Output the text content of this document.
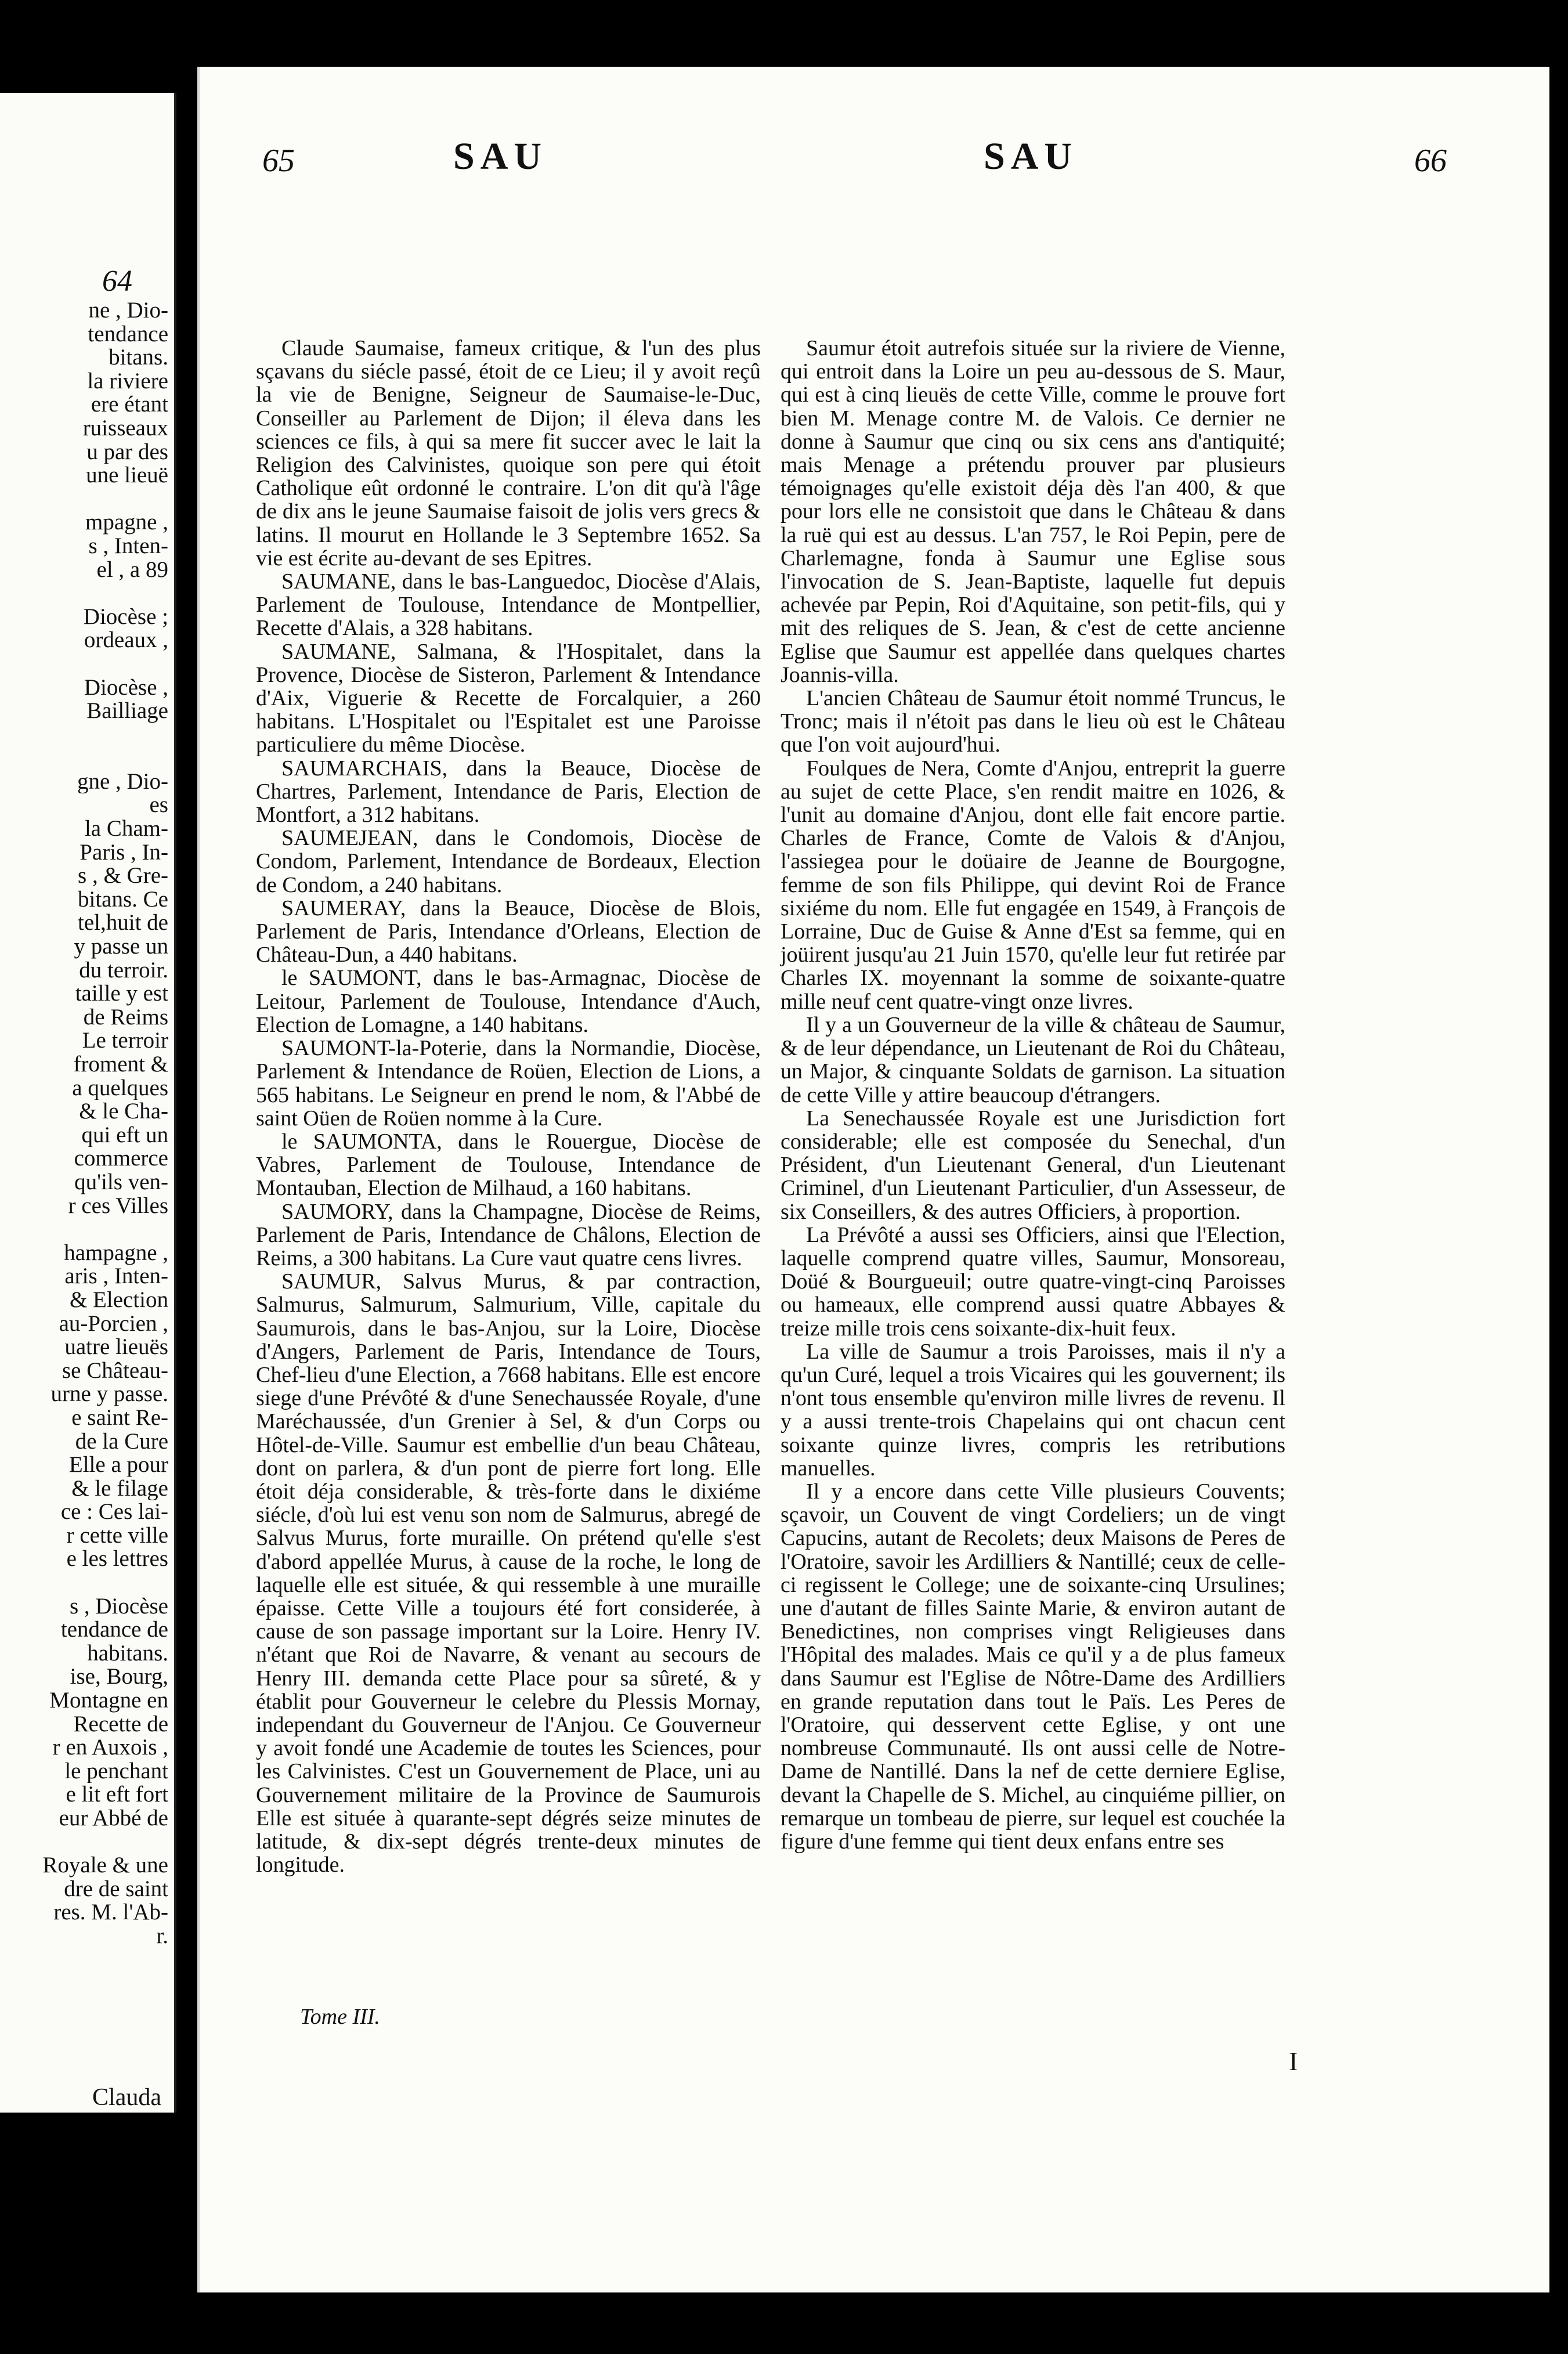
64
ne , Dio-
tendance
bitans.
la riviere
ere étant
ruisseaux
u par des
une lieuë
mpagne ,
s , Inten-
el , a 89
Diocèse ;
ordeaux ,
Diocèse ,
Bailliage
gne , Dio-
es
la Cham-
Paris , In-
s , & Gre-
bitans. Ce
tel,huit de
y passe un
du terroir.
taille y est
de Reims
Le terroir
froment &
a quelques
& le Cha-
qui eft un
commerce
qu'ils ven-
r ces Villes
hampagne ,
aris , Inten-
& Election
au-Porcien ,
uatre lieuës
se Château-
urne y passe.
e saint Re-
de la Cure
Elle a pour
& le filage
ce : Ces lai-
r cette ville
e les lettres
s , Diocèse
tendance de
habitans.
ise, Bourg,
Montagne en
Recette de
r en Auxois ,
le penchant
e lit eft fort
eur Abbé de
Royale & une
dre de saint
res. M. l'Ab-
r.
Clauda
65	SAU	SAU	66

Claude Saumaise, fameux critique, & l'un des plus sçavans du siécle passé, étoit de ce Lieu; il y avoit reçû la vie de Benigne, Seigneur de Saumaise-le-Duc, Conseiller au Parlement de Dijon; il éleva dans les sciences ce fils, à qui sa mere fit succer avec le lait la Religion des Calvinistes, quoique son pere qui étoit Catholique eût ordonné le contraire. L'on dit qu'à l'âge de dix ans le jeune Saumaise faisoit de jolis vers grecs & latins. Il mourut en Hollande le 3 Septembre 1652. Sa vie est écrite au-devant de ses Epitres.

SAUMANE, dans le bas-Languedoc, Diocèse d'Alais, Parlement de Toulouse, Intendance de Montpellier, Recette d'Alais, a 328 habitans.

SAUMANE, Salmana, & l'Hospitalet, dans la Provence, Diocèse de Sisteron, Parlement & Intendance d'Aix, Viguerie & Recette de Forcalquier, a 260 habitans. L'Hospitalet ou l'Espitalet est une Paroisse particuliere du même Diocèse.

SAUMARCHAIS, dans la Beauce, Diocèse de Chartres, Parlement, Intendance de Paris, Election de Montfort, a 312 habitans.

SAUMEJEAN, dans le Condomois, Diocèse de Condom, Parlement, Intendance de Bordeaux, Election de Condom, a 240 habitans.

SAUMERAY, dans la Beauce, Diocèse de Blois, Parlement de Paris, Intendance d'Orleans, Election de Château-Dun, a 440 habitans.

le SAUMONT, dans le bas-Armagnac, Diocèse de Leitour, Parlement de Toulouse, Intendance d'Auch, Election de Lomagne, a 140 habitans.

SAUMONT-la-Poterie, dans la Normandie, Diocèse, Parlement & Intendance de Roüen, Election de Lions, a 565 habitans. Le Seigneur en prend le nom, & l'Abbé de saint Oüen de Roüen nomme à la Cure.

le SAUMONTA, dans le Rouergue, Diocèse de Vabres, Parlement de Toulouse, Intendance de Montauban, Election de Milhaud, a 160 habitans.

SAUMORY, dans la Champagne, Diocèse de Reims, Parlement de Paris, Intendance de Châlons, Election de Reims, a 300 habitans. La Cure vaut quatre cens livres.

SAUMUR, Salvus Murus, & par contraction, Salmurus, Salmurum, Salmurium, Ville, capitale du Saumurois, dans le bas-Anjou, sur la Loire, Diocèse d'Angers, Parlement de Paris, Intendance de Tours, Chef-lieu d'une Election, a 7668 habitans. Elle est encore siege d'une Prévôté & d'une Senechaussée Royale, d'une Maréchaussée, d'un Grenier à Sel, & d'un Corps ou Hôtel-de-Ville. Saumur est embellie d'un beau Château, dont on parlera, & d'un pont de pierre fort long. Elle étoit déja considerable, & très-forte dans le dixiéme siécle, d'où lui est venu son nom de Salmurus, abregé de Salvus Murus, forte muraille. On prétend qu'elle s'est d'abord appellée Murus, à cause de la roche, le long de laquelle elle est située, & qui ressemble à une muraille épaisse. Cette Ville a toujours été fort considerée, à cause de son passage important sur la Loire. Henry IV. n'étant que Roi de Navarre, & venant au secours de Henry III. demanda cette Place pour sa sûreté, & y établit pour Gouverneur le celebre du Plessis Mornay, independant du Gouverneur de l'Anjou. Ce Gouverneur y avoit fondé une Academie de toutes les Sciences, pour les Calvinistes. C'est un Gouvernement de Place, uni au Gouvernement militaire de la Province de Saumurois Elle est située à quarante-sept dégrés seize minutes de latitude, & dix-sept dégrés trente-deux minutes de longitude.

Saumur étoit autrefois située sur la riviere de Vienne, qui entroit dans la Loire un peu au-dessous de S. Maur, qui est à cinq lieuës de cette Ville, comme le prouve fort bien M. Menage contre M. de Valois. Ce dernier ne donne à Saumur que cinq ou six cens ans d'antiquité; mais Menage a prétendu prouver par plusieurs témoignages qu'elle existoit déja dès l'an 400, & que pour lors elle ne consistoit que dans le Château & dans la ruë qui est au dessus. L'an 757, le Roi Pepin, pere de Charlemagne, fonda à Saumur une Eglise sous l'invocation de S. Jean-Baptiste, laquelle fut depuis achevée par Pepin, Roi d'Aquitaine, son petit-fils, qui y mit des reliques de S. Jean, & c'est de cette ancienne Eglise que Saumur est appellée dans quelques chartes Joannis-villa.

L'ancien Château de Saumur étoit nommé Truncus, le Tronc; mais il n'étoit pas dans le lieu où est le Château que l'on voit aujourd'hui.

Foulques de Nera, Comte d'Anjou, entreprit la guerre au sujet de cette Place, s'en rendit maitre en 1026, & l'unit au domaine d'Anjou, dont elle fait encore partie. Charles de France, Comte de Valois & d'Anjou, l'assiegea pour le doüaire de Jeanne de Bourgogne, femme de son fils Philippe, qui devint Roi de France sixiéme du nom. Elle fut engagée en 1549, à François de Lorraine, Duc de Guise & Anne d'Est sa femme, qui en joüirent jusqu'au 21 Juin 1570, qu'elle leur fut retirée par Charles IX. moyennant la somme de soixante-quatre mille neuf cent quatre-vingt onze livres.

Il y a un Gouverneur de la ville & château de Saumur, & de leur dépendance, un Lieutenant de Roi du Château, un Major, & cinquante Soldats de garnison. La situation de cette Ville y attire beaucoup d'étrangers.

La Senechaussée Royale est une Jurisdiction fort considerable; elle est composée du Senechal, d'un Président, d'un Lieutenant General, d'un Lieutenant Criminel, d'un Lieutenant Particulier, d'un Assesseur, de six Conseillers, & des autres Officiers, à proportion.

La Prévôté a aussi ses Officiers, ainsi que l'Election, laquelle comprend quatre villes, Saumur, Monsoreau, Doüé & Bourgueuil; outre quatre-vingt-cinq Paroisses ou hameaux, elle comprend aussi quatre Abbayes & treize mille trois cens soixante-dix-huit feux.

La ville de Saumur a trois Paroisses, mais il n'y a qu'un Curé, lequel a trois Vicaires qui les gouvernent; ils n'ont tous ensemble qu'environ mille livres de revenu. Il y a aussi trente-trois Chapelains qui ont chacun cent soixante quinze livres, compris les retributions manuelles.

Il y a encore dans cette Ville plusieurs Couvents; sçavoir, un Couvent de vingt Cordeliers; un de vingt Capucins, autant de Recolets; deux Maisons de Peres de l'Oratoire, savoir les Ardilliers & Nantillé; ceux de celle-ci regissent le College; une de soixante-cinq Ursulines; une d'autant de filles Sainte Marie, & environ autant de Benedictines, non comprises vingt Religieuses dans l'Hôpital des malades. Mais ce qu'il y a de plus fameux dans Saumur est l'Eglise de Nôtre-Dame des Ardilliers en grande reputation dans tout le Païs. Les Peres de l'Oratoire, qui desservent cette Eglise, y ont une nombreuse Communauté. Ils ont aussi celle de Notre-Dame de Nantillé. Dans la nef de cette derniere Eglise, devant la Chapelle de S. Michel, au cinquiéme pillier, on remarque un tombeau de pierre, sur lequel est couchée la figure d'une femme qui tient deux enfans entre ses

Tome III.
I
